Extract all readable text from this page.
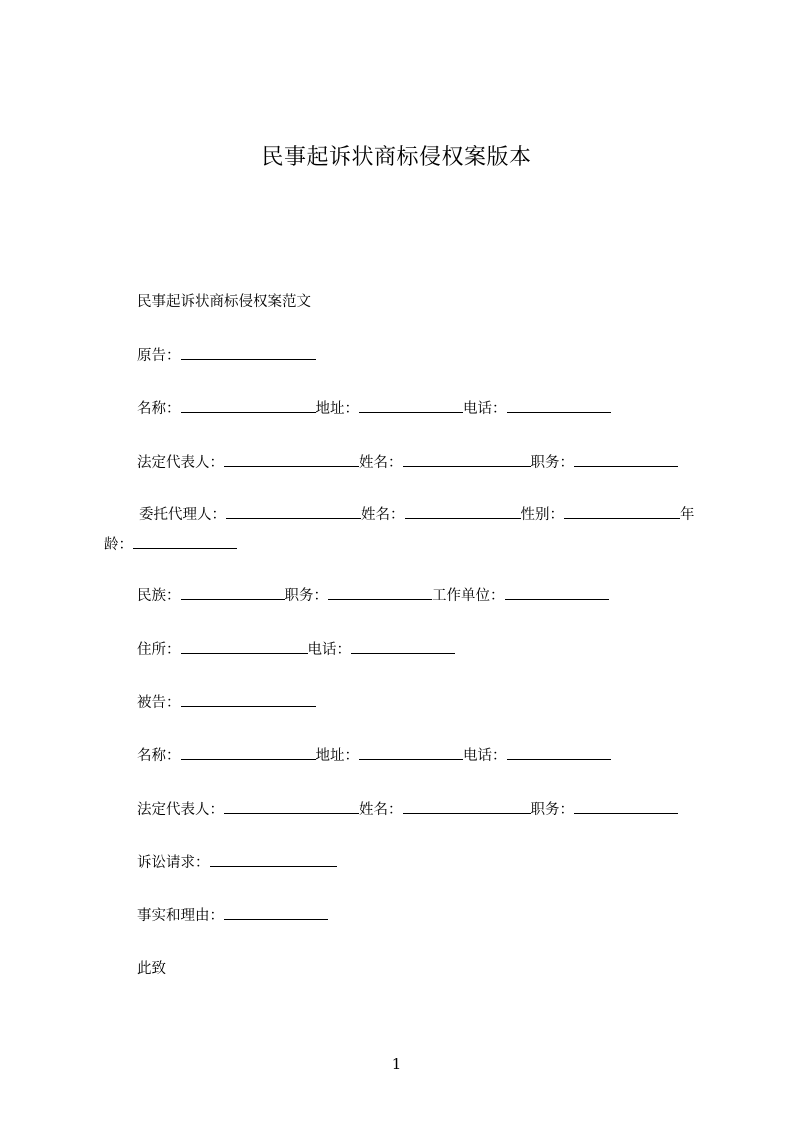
民事起诉状商标侵权案版本
民事起诉状商标侵权案范文
原告：
名称：	地址：	电话：
法定代表人：	姓名：	职务：
委托代理人：	姓名：	性别：	年龄：
民族：	职务：	工作单位：
住所：	电话：
被告：
名称：	地址：	电话：
法定代表人：	姓名：	职务：
诉讼请求：
事实和理由：
此致
1
